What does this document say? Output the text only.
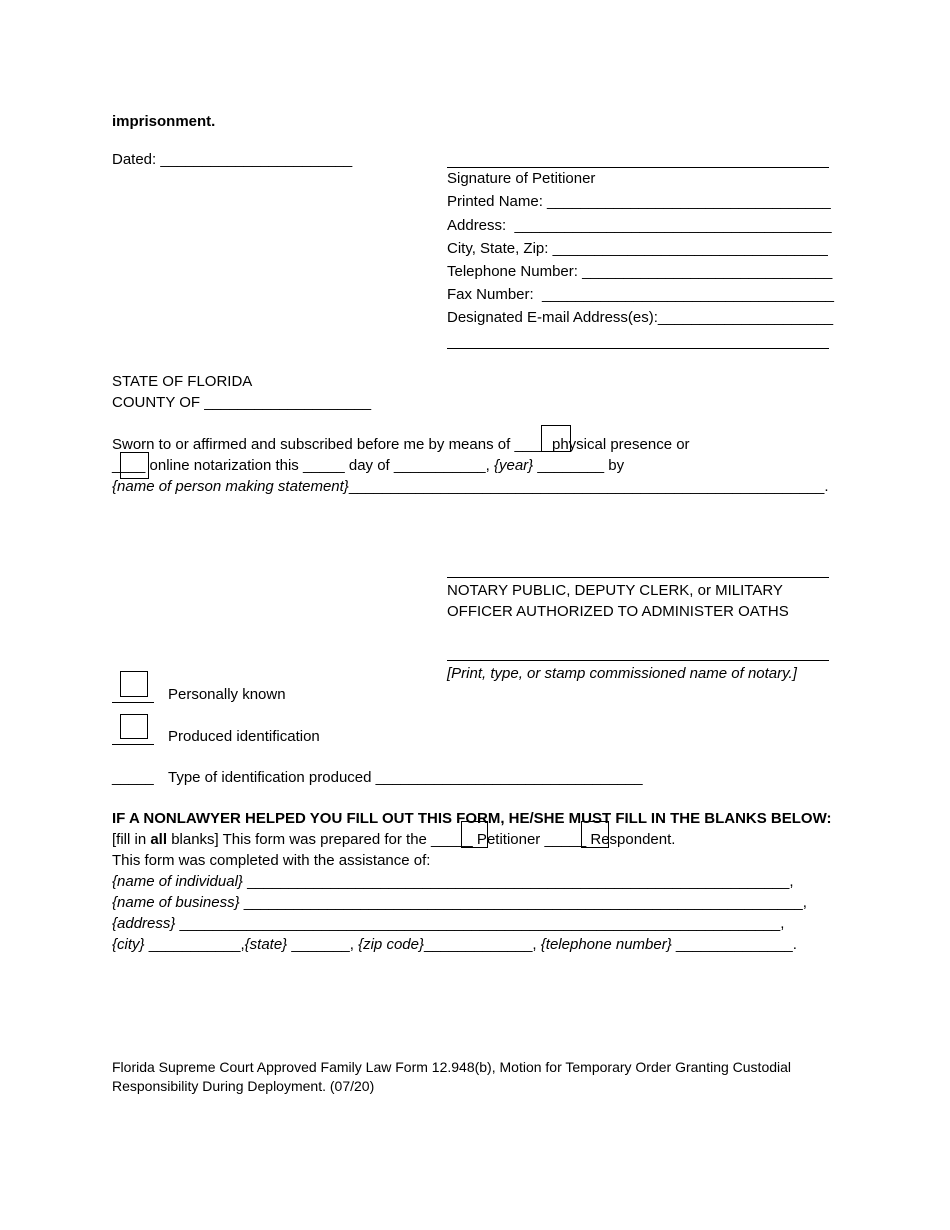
imprisonment.

Dated: _______________________

Signature of Petitioner

Printed Name: __________________________________

Address:  ______________________________________

City, State, Zip: _________________________________

Telephone Number: ______________________________

Fax Number:  ___________________________________

Designated E-mail Address(es):_____________________

STATE OF FLORIDA

COUNTY OF ____________________

Sworn to or affirmed and subscribed before me by means of ____ physical presence or

____ online notarization this _____ day of ___________, {year} ________ by

{name of person making statement}_________________________________________________________.

NOTARY PUBLIC, DEPUTY CLERK, or MILITARY

OFFICER AUTHORIZED TO ADMINISTER OATHS

[Print, type, or stamp commissioned name of notary.]

Personally known

Produced identification

_____ Type of identification produced ________________________________

IF A NONLAWYER HELPED YOU FILL OUT THIS FORM, HE/SHE MUST FILL IN THE BLANKS BELOW:

[fill in all blanks] This form was prepared for the _____ Petitioner _____ Respondent.

This form was completed with the assistance of:

{name of individual} _________________________________________________________________,

{name of business} ___________________________________________________________________,

{address} ________________________________________________________________________,

{city} ___________,{state} _______, {zip code}_____________, {telephone number} ______________.

Florida Supreme Court Approved Family Law Form 12.948(b), Motion for Temporary Order Granting Custodial

Responsibility During Deployment. (07/20)
